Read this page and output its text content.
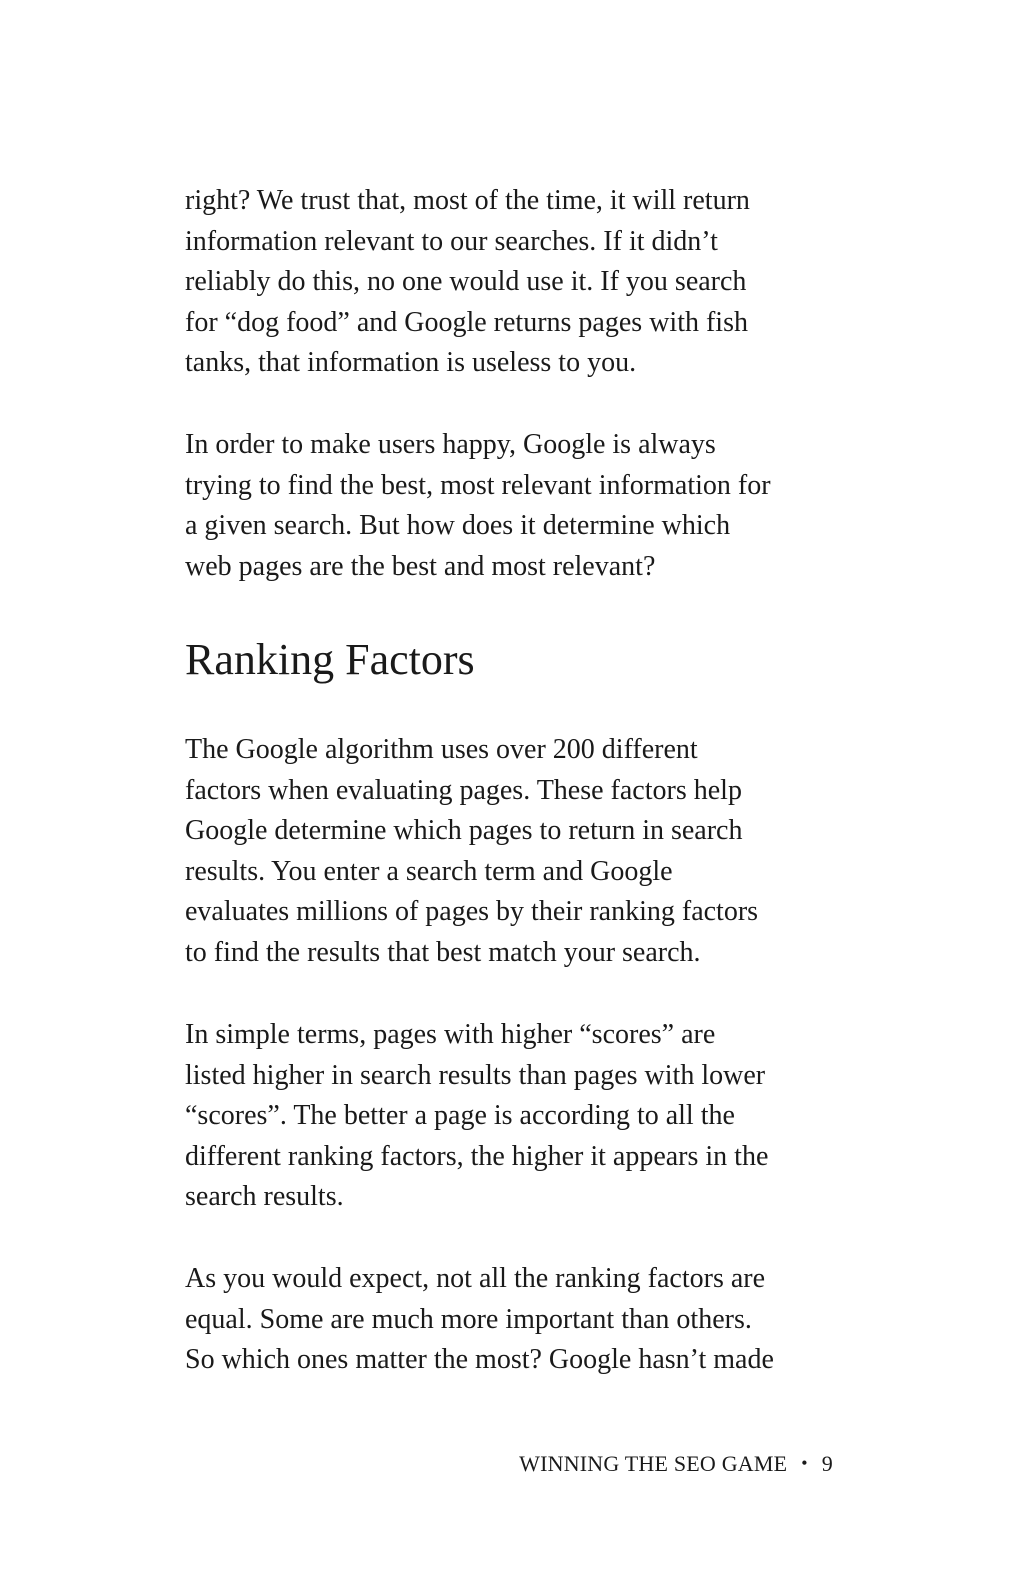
right? We trust that, most of the time, it will return
information relevant to our searches. If it didn’t
reliably do this, no one would use it. If you search
for “dog food” and Google returns pages with fish
tanks, that information is useless to you.

In order to make users happy, Google is always
trying to find the best, most relevant information for
a given search. But how does it determine which
web pages are the best and most relevant?

Ranking Factors

The Google algorithm uses over 200 different
factors when evaluating pages. These factors help
Google determine which pages to return in search
results. You enter a search term and Google
evaluates millions of pages by their ranking factors
to find the results that best match your search.

In simple terms, pages with higher “scores” are
listed higher in search results than pages with lower
“scores”. The better a page is according to all the
different ranking factors, the higher it appears in the
search results.

As you would expect, not all the ranking factors are
equal. Some are much more important than others.
So which ones matter the most? Google hasn’t made

WINNING THE SEO GAME • 9
